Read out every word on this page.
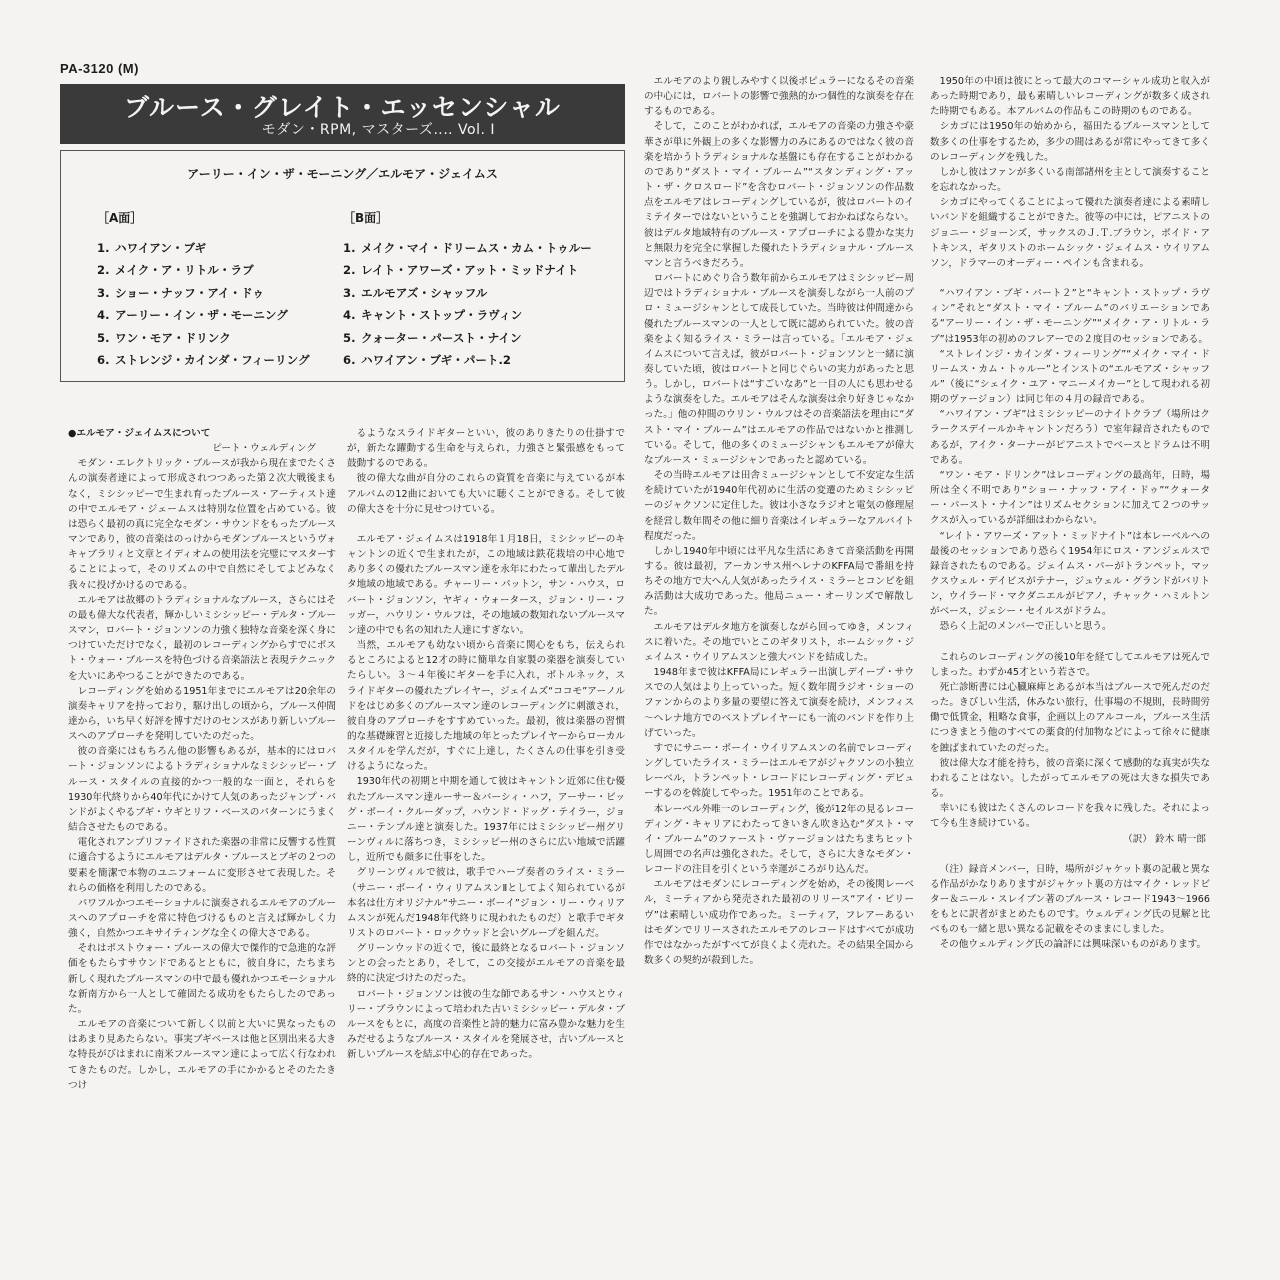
PA-3120 (M)
ブルース・グレイト・エッセンシャル
モダン・RPM, マスターズ‥‥ Vol. I
アーリー・イン・ザ・モーニング／エルモア・ジェイムス
［A面］
1. ハワイアン・ブギ
2. メイク・ア・リトル・ラブ
3. ショー・ナッフ・アイ・ドゥ
4. アーリー・イン・ザ・モーニング
5. ワン・モア・ドリンク
6. ストレンジ・カインダ・フィーリング
［B面］
1. メイク・マイ・ドリームス・カム・トゥルー
2. レイト・アワーズ・アット・ミッドナイト
3. エルモアズ・シャッフル
4. キャント・ストップ・ラヴィン
5. クォーター・パースト・ナイン
6. ハワイアン・ブギ・パート.2

●エルモア・ジェイムスについて

ピート・ウェルディング

モダン・エレクトリック・ブルースが我から現在までたくさんの演奏者達によって形成されつつあった第２次大戦後まもなく，ミシシッピーで生まれ育ったブルース・アーティスト達の中でエルモア・ジェームスは特別な位置を占めている。彼は恐らく最初の真に完全なモダン・サウンドをもったブルースマンであり，彼の音楽はのっけからモダンブルースというヴォキャブラリィと文章とイディオムの使用法を完璧にマスターすることによって，そのリズムの中で自然にそしてよどみなく我々に投げかけるのである。

エルモアは故郷のトラディショナルなブルース，さらにはその最も偉大な代表者，輝かしいミシシッピー・デルタ・ブルースマン，ロバート・ジョンソンの力強く独特な音楽を深く身につけていただけでなく，最初のレコーディングからすでにポスト・ウォー・ブルースを特色づける音楽語法と表現テクニックを大いにあやつることができたのである。

レコーディングを始める1951年までにエルモアは20余年の演奏キャリアを持っており，駆け出しの頃から，ブルース仲間達から，いち早く好評を博すだけのセンスがあり新しいブルースへのアプローチを発明していたのだった。

彼の音楽にはもちろん他の影響もあるが，基本的にはロバート・ジョンソンによるトラディショナルなミシシッピー・ブルース・スタイルの直接的かつ一般的な一面と，それらを1930年代終りから40年代にかけて人気のあったジャンプ・バンドがよくやるブギ・ウギとリフ・ベースのパターンにうまく結合させたものである。

電化されアンプリファイドされた楽器の非常に反響する性質に適合するようにエルモアはデルタ・ブルースとブギの２つの要素を簡潔で本物のユニフォームに変形させて表現した。それらの価格を利用したのである。

パワフルかつエモーショナルに演奏されるエルモアのブルースへのアプローチを常に特色づけるものと言えば輝かしく力強く，自然かつエキサイティングな全くの偉大さである。

それはポストウォー・ブルースの偉大で傑作的で急進的な評価をもたらすサウンドであるとともに，彼自身に，たちまち新しく現れたブルースマンの中で最も優れかつエモーショナルな新南方から一人として確固たる成功をもたらしたのであった。

エルモアの音楽について新しく以前と大いに異なったものはあまり見あたらない。事実ブギベースは他と区別出来る大きな特長がびはまれに南米フルースマン達によって広く行なわれてきたものだ。しかし，エルモアの手にかかるとそのたたきつけ

るようなスライドギターといい，彼のありきたりの仕掛すでが，新たな躍動する生命を与えられ，力強さと緊張感をもって鼓動するのである。

彼の偉大な曲が自分のこれらの資質を音楽に与えているが本アルバムの12曲においても大いに聴くことができる。そして彼の偉大さを十分に見せつけている。

エルモア・ジェイムスは1918年１月18日，ミシシッピーのキャントンの近くで生まれたが，この地域は鉄花栽培の中心地であり多くの優れたブルースマン達を永年にわたって輩出したデルタ地域の地域である。チャーリー・パットン，サン・ハウス，ロバート・ジョンソン，ヤギィ・ウォータース，ジョン・リー・フッガー，ハウリン・ウルフは，その地域の数知れないブルースマン達の中でも名の知れた人達にすぎない。

当然，エルモアも幼ない頃から音楽に関心をもち，伝えられるところによると12才の時に簡単な自家製の楽器を演奏していたらしい。３～４年後にギターを手に入れ，ボトルネック，スライドギターの優れたプレイヤー，ジェイムズ“ココモ”アーノルドをはじめ多くのブルースマン達のレコーディングに刺激され，彼自身のアプローチをすすめていった。最初，彼は楽器の習慣的な基礎練習と近接した地域の年とったプレイヤーからローカルスタイルを学んだが，すぐに上達し，たくさんの仕事を引き受けるようになった。

1930年代の初期と中期を通して彼はキャントン近郊に住む優れたブルースマン達ルーサー＆バーシィ・ハフ，アーサー・ビッグ・ボーイ・クルーダップ，ハウンド・ドッグ・テイラー，ジョニー・テンプル達と演奏した。1937年にはミシシッピー州グリーンヴィルに落ちつき，ミシシッピー州のさらに広い地域で活躍し，近所でも顔多に仕事をした。

グリーンヴィルで彼は，歌手でハープ奏者のライス・ミラー（サニー・ボーイ・ウィリアムスンⅡとしてよく知られているが本名は仕方オリジナル“サニー・ボーイ”ジョン・リー・ウィリアムスンが死んだ1948年代終りに現われたものだ）と歌手でギタリストのロバート・ロックウッドと会いグループを組んだ。

グリーンウッドの近くで，後に最終となるロバート・ジョンソンとの会ったとあり，そして，この交接がエルモアの音楽を最終的に決定づけたのだった。

ロバート・ジョンソンは彼の生な師であるサン・ハウスとウィリー・ブラウンによって培われた古いミシシッピー・デルタ・ブルースをもとに，高度の音楽性と詩的魅力に富み豊かな魅力を生みだせるようなブルース・スタイルを発展させ，古いブルースと新しいブルースを結ぶ中心的存在であった。

エルモアのより親しみやすく以後ポピュラーになるその音楽の中心には，ロバートの影響で強熱的かつ個性的な演奏を存在するものである。

そして，このことがわかれば，エルモアの音楽の力強さや豪華さが単に外観上の多くな影響力のみにあるのではなく彼の音楽を培かうトラディショナルな基盤にも存在することがわかるのであり“ダスト・マイ・ブルーム”“スタンディング・アット・ザ・クロスロード”を含むロバート・ジョンソンの作品数点をエルモアはレコーディングしているが，彼はロバートのイミテイターではないということを強調しておかねばならない。彼はデルタ地域特有のブルース・アプローチによる豊かな実力と無限力を完全に掌握した優れたトラディショナル・ブルースマンと言うべきだろう。

ロバートにめぐり合う数年前からエルモアはミシシッピー周辺ではトラディショナル・ブルースを演奏しながら一人前のプロ・ミュージシャンとして成長していた。当時彼は仲間達から優れたブルースマンの一人として既に認められていた。彼の音楽をよく知るライス・ミラーは言っている。「エルモア・ジェイムスについて言えば，彼がロバート・ジョンソンと一緒に演奏していた頃，彼はロバートと同じぐらいの実力があったと思う。しかし，ロバートは“すごいなあ”と一目の人にも思わせるような演奏をした。エルモアはそんな演奏は余り好きじゃなかった。」他の仲間のウリン・ウルフはその音楽語法を理由に“ダスト・マイ・ブルーム”はエルモアの作品ではないかと推測している。そして，他の多くのミュージシャンもエルモアが偉大なブルース・ミュージシャンであったと認めている。

その当時エルモアは田舎ミュージシャンとして不安定な生活を続けていたが1940年代初めに生活の変遷のためミシシッピーのジャクソンに定住した。彼は小さなラジオと電気の修理屋を経営し数年間その他に細り音楽はイレギュラーなアルバイト程度だった。

しかし1940年中頃には平凡な生活にあきて音楽活動を再開する。彼は最初，アーカンサス州ヘレナのKFFA局で番組を持ちその地方で大へん人気があったライス・ミラーとコンビを組み活動は大成功であった。他局ニュー・オーリンズで解散した。

エルモアはデルタ地方を演奏しながら回ってゆき，メンフィスに着いた。その地でいとこのギタリスト，ホームシック・ジェイムス・ウイリアムスンと強大バンドを結成した。

1948年まで彼はKFFA局にレギュラー出演しデイープ・サウスでの人気はより上っていった。短く数年間ラジオ・ショーのファンからのより多量の要望に答えて演奏を続け，メンフィス～ヘレナ地方でのベストプレイヤーにも一流のバンドを作り上げていった。

すでにサニー・ボーイ・ウイリアムスンの名前でレコーディングしていたライス・ミラーはエルモアがジャクソンの小独立レーベル，トランペット・レコードにレコーディング・デビューするのを斡旋してやった。1951年のことである。

本レーベル外唯一のレコーディング，後が12年の見るレコーディング・キャリアにわたってきいきん吹き込む“ダスト・マイ・ブルーム”のファースト・ヴァージョンはたちまちヒットし周囲での名声は強化された。そして，さらに大きなモダン・レコードの注目を引くという幸運がころがり込んだ。

エルモアはモダンにレコーディングを始め，その後関レーベル，ミーティアから発売された最初のリリース“アイ・ビリーヴ”は素晴しい成功作であった。ミーティア，フレアーあるいはモダンでリリースされたエルモアのレコードはすべてが成功作ではなかったがすべてが良くよく売れた。その結果全国から数多くの契約が殺到した。

1950年の中頃は彼にとって最大のコマーシャル成功と収入があった時期であり，最も素晴しいレコーディングが数多く成された時期でもある。本アルバムの作品もこの時期のものである。

シカゴには1950年の始めから，福田たるブルースマンとして数多くの仕事をするため，多少の間はあるが常にやってきて多くのレコーディングを残した。

しかし彼はファンが多くいる南部諸州を主として演奏することを忘れなかった。

シカゴにやってくることによって優れた演奏者達による素晴しいバンドを組織することができた。彼等の中には，ピアニストのジョニー・ジョーンズ，サックスのＪ.Ｔ.ブラウン，ボイド・アトキンス，ギタリストのホームシック・ジェイムス・ウイリアムソン，ドラマーのオーディー・ペインも含まれる。

“ハワイアン・ブギ・パート２”と“キャント・ストップ・ラヴィン”それと“ダスト・マイ・ブルーム”のバリエーションである“アーリー・イン・ザ・モーニング”“メイク・ア・リトル・ラブ”は1953年の初めのフレアーでの２度目のセッションである。

“ストレインジ・カインダ・フィーリング”“メイク・マイ・ドリームス・カム・トゥルー”とインストの“エルモアズ・シャッフル”（後に“シェイク・ユア・マニーメイカー”として現われる初期のヴァージョン）は同じ年の４月の録音である。

“ハワイアン・ブギ”はミシシッピーのナイトクラブ（場所はクラークスデイールかキャントンだろう）で室年録音されたものであるが，アイク・ターナーがピアニストでベースとドラムは不明である。

“ワン・モア・ドリンク”はレコーディングの最高年，日時，場所は全く不明であり“ショー・ナッフ・アイ・ドゥ”“クォーター・パースト・ナイン”はリズムセクションに加えて２つのサックスが入っているが詳細はわからない。

“レイト・アワーズ・アット・ミッドナイト”は本レーベルへの最後のセッションであり恐らく1954年にロス・アンジェルスで録音されたものである。ジェイムス・パーがトランペット，マックスウェル・デイビスがテナー，ジュウェル・グランドがバリトン，ウイラード・マクダニエルがピアノ，チャック・ハミルトンがベース，ジェシー・セイルスがドラム。

恐らく上記のメンバーで正しいと思う。

これらのレコーディングの後10年を経てしてエルモアは死んでしまった。わずか45才という若さで。

死亡診断書には心臓麻痺とあるが本当はブルースで死んだのだった。きびしい生活，休みない旅行，仕事場の不規則，長時間労働で低賃金，粗略な食事，企画以上のアルコール，ブルース生活につきまとう他のすべての薬食的付加物などによって徐々に健康を蝕ばまれていたのだった。

彼は偉大な才能を持ち，彼の音楽に深くて感動的な真実が失なわれることはない。したがってエルモアの死は大きな損失である。

幸いにも彼はたくさんのレコードを我々に残した。それによって今も生き続けている。

（訳） 鈴木 晴一郎

（注）録音メンバー，日時，場所がジャケット裏の記載と異なる作品がかなりありますがジャケット裏の方はマイク・レッドビター＆ニール・スレイブン著のブルース・レコード1943～1966をもとに訳者がまとめたものです。ウェルディング氏の見解と比べものも一緒と思い異なる記載をそのままにしました。

その他ウェルディング氏の論評には興味深いものがあります。
